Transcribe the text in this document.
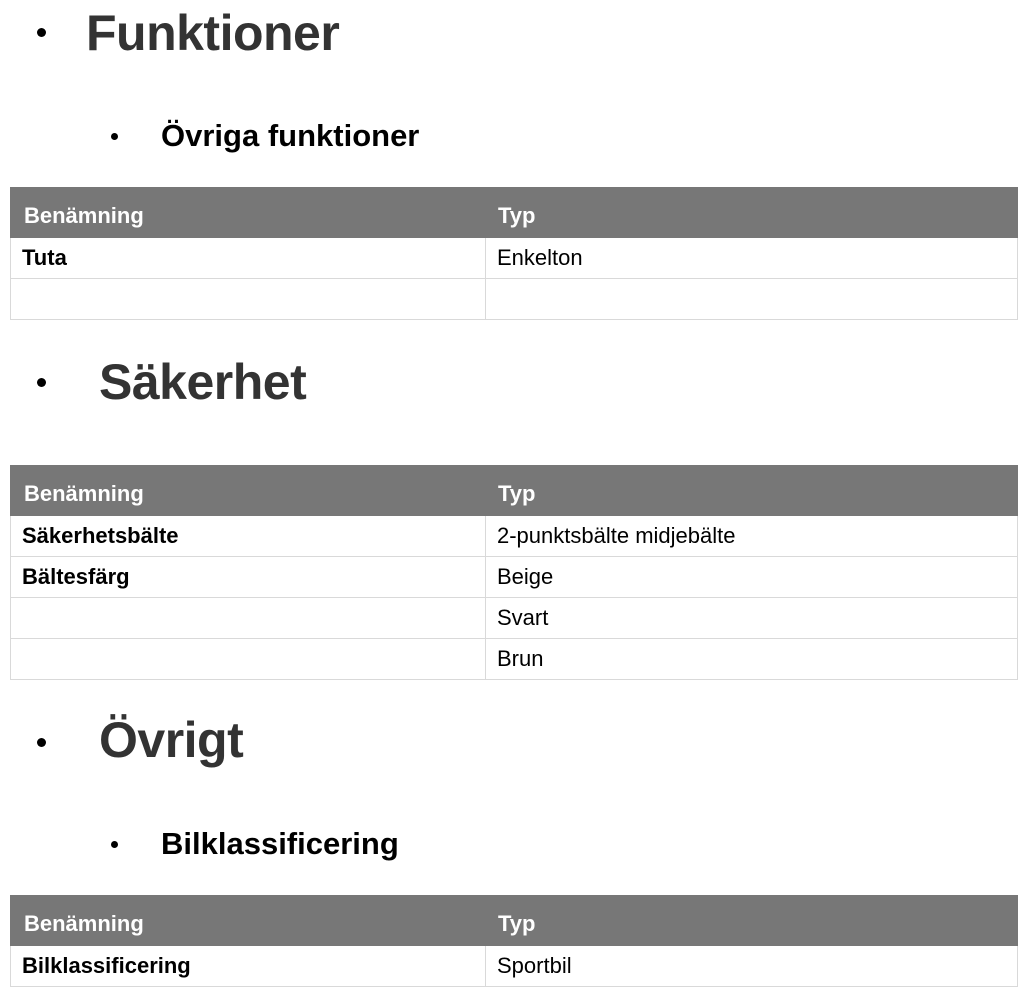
Funktioner
Övriga funktioner
Benämning	Typ
Tuta	Enkelton

Säkerhet
Benämning	Typ
Säkerhetsbälte	2-punktsbälte midjebälte
Bältesfärg	Beige
	Svart
	Brun
Övrigt
Bilklassificering
Benämning	Typ
Bilklassificering	Sportbil
